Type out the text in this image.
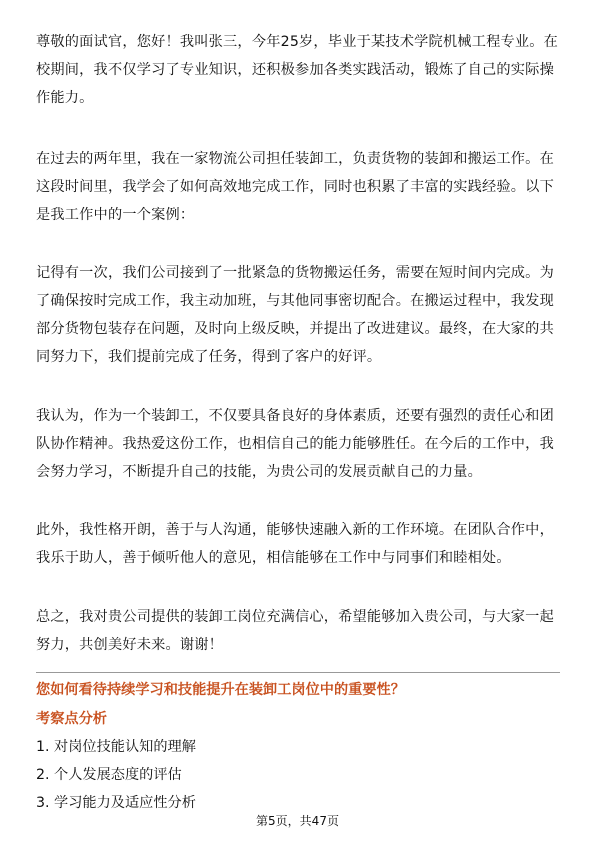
尊敬的面试官，您好！我叫张三，今年25岁，毕业于某技术学院机械工程专业。在校期间，我不仅学习了专业知识，还积极参加各类实践活动，锻炼了自己的实际操作能力。

在过去的两年里，我在一家物流公司担任装卸工，负责货物的装卸和搬运工作。在这段时间里，我学会了如何高效地完成工作，同时也积累了丰富的实践经验。以下是我工作中的一个案例：

记得有一次，我们公司接到了一批紧急的货物搬运任务，需要在短时间内完成。为了确保按时完成工作，我主动加班，与其他同事密切配合。在搬运过程中，我发现部分货物包装存在问题，及时向上级反映，并提出了改进建议。最终，在大家的共同努力下，我们提前完成了任务，得到了客户的好评。

我认为，作为一个装卸工，不仅要具备良好的身体素质，还要有强烈的责任心和团队协作精神。我热爱这份工作，也相信自己的能力能够胜任。在今后的工作中，我会努力学习，不断提升自己的技能，为贵公司的发展贡献自己的力量。

此外，我性格开朗，善于与人沟通，能够快速融入新的工作环境。在团队合作中，我乐于助人，善于倾听他人的意见，相信能够在工作中与同事们和睦相处。

总之，我对贵公司提供的装卸工岗位充满信心，希望能够加入贵公司，与大家一起努力，共创美好未来。谢谢！

您如何看待持续学习和技能提升在装卸工岗位中的重要性？

考察点分析

1. 对岗位技能认知的理解

2. 个人发展态度的评估

3. 学习能力及适应性分析

第5页，共47页
